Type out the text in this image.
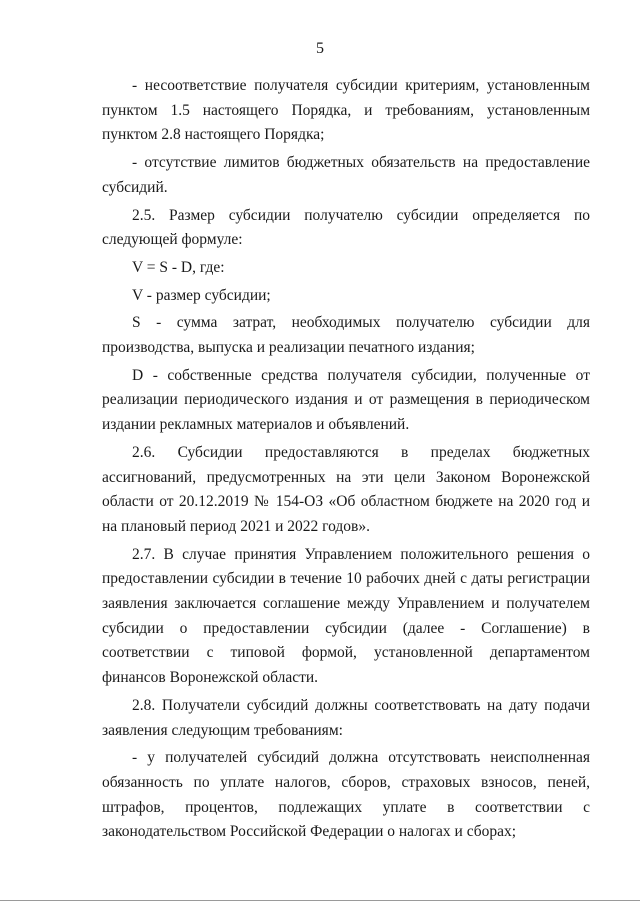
5

- несоответствие получателя субсидии критериям, установленным пунктом 1.5 настоящего Порядка, и требованиям, установленным пунктом 2.8 настоящего Порядка;

- отсутствие лимитов бюджетных обязательств на предоставление субсидий.

2.5. Размер субсидии получателю субсидии определяется по следующей формуле:

V = S - D, где:

V - размер субсидии;

S - сумма затрат, необходимых получателю субсидии для производства, выпуска и реализации печатного издания;

D - собственные средства получателя субсидии, полученные от реализации периодического издания и от размещения в периодическом издании рекламных материалов и объявлений.

2.6. Субсидии предоставляются в пределах бюджетных ассигнований, предусмотренных на эти цели Законом Воронежской области от 20.12.2019 № 154-ОЗ «Об областном бюджете на 2020 год и на плановый период 2021 и 2022 годов».

2.7. В случае принятия Управлением положительного решения о предоставлении субсидии в течение 10 рабочих дней с даты регистрации заявления заключается соглашение между Управлением и получателем субсидии о предоставлении субсидии (далее - Соглашение) в соответствии с типовой формой, установленной департаментом финансов Воронежской области.

2.8. Получатели субсидий должны соответствовать на дату подачи заявления следующим требованиям:

- у получателей субсидий должна отсутствовать неисполненная обязанность по уплате налогов, сборов, страховых взносов, пеней, штрафов, процентов, подлежащих уплате в соответствии с законодательством Российской Федерации о налогах и сборах;
